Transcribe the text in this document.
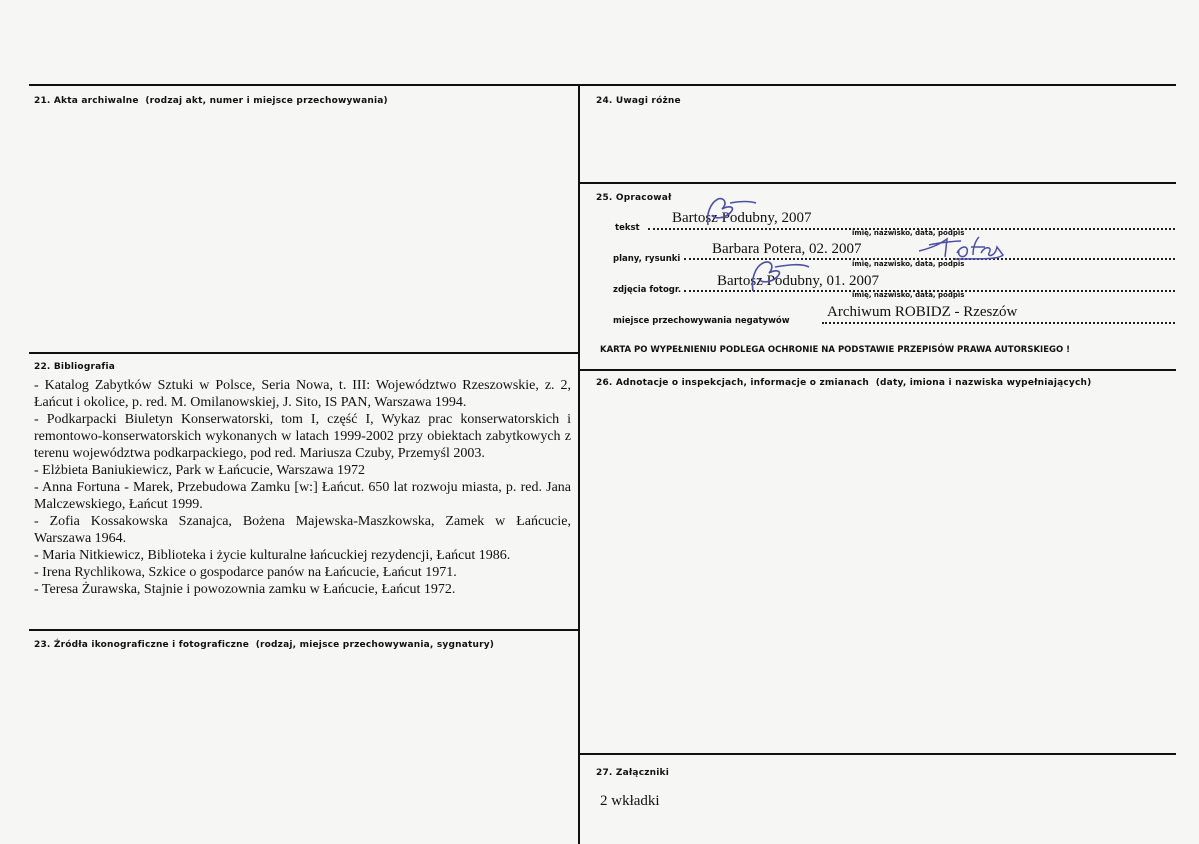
21. Akta archiwalne (rodzaj akt, numer i miejsce przechowywania)	24. Uwagi różne
25. Opracował
22. Bibliografia
26. Adnotacje o inspekcjach, informacje o zmianach (daty, imiona i nazwiska wypełniających)
23. Źródła ikonograficzne i fotograficzne (rodzaj, miejsce przechowywania, sygnatury)
27. Załączniki
- Katalog Zabytków Sztuki w Polsce, Seria Nowa, t. III: Województwo Rzeszowskie, z. 2, Łańcut i okolice, p. red. M. Omilanowskiej, J. Sito, IS PAN, Warszawa 1994.
- Podkarpacki Biuletyn Konserwatorski, tom I, część I, Wykaz prac konserwatorskich i remontowo-konserwatorskich wykonanych w latach 1999-2002 przy obiektach zabytkowych z terenu województwa podkarpackiego, pod red. Mariusza Czuby, Przemyśl 2003.
- Elżbieta Baniukiewicz, Park w Łańcucie, Warszawa 1972
- Anna Fortuna - Marek, Przebudowa Zamku [w:] Łańcut. 650 lat rozwoju miasta, p. red. Jana Malczewskiego, Łańcut 1999.
- Zofia Kossakowska Szanajca, Bożena Majewska-Maszkowska, Zamek w Łańcucie, Warszawa 1964.
- Maria Nitkiewicz, Biblioteka i życie kulturalne łańcuckiej rezydencji, Łańcut 1986.
- Irena Rychlikowa, Szkice o gospodarce panów na Łańcucie, Łańcut 1971.
- Teresa Żurawska, Stajnie i powozownia zamku w Łańcucie, Łańcut 1972.
tekst
Bartosz Podubny, 2007
imię, nazwisko, data, podpis
plany, rysunki
Barbara Potera, 02. 2007
imię, nazwisko, data, podpis
zdjęcia fotogr.
Bartosz Podubny, 01. 2007
imię, nazwisko, data, podpis
miejsce przechowywania negatywów
Archiwum ROBIDZ - Rzeszów
KARTA PO WYPEŁNIENIU PODLEGA OCHRONIE NA PODSTAWIE PRZEPISÓW PRAWA AUTORSKIEGO !
2 wkładki
